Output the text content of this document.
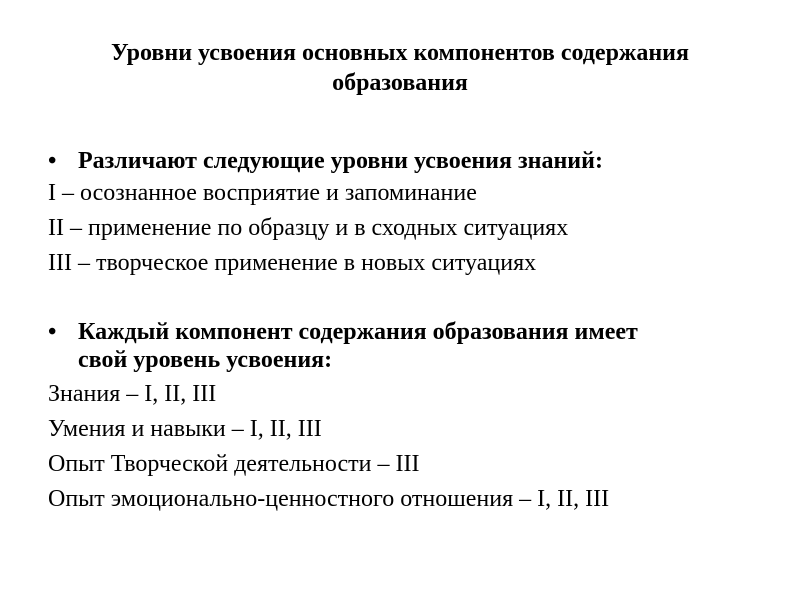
Уровни усвоения основных компонентов содержания
образования
• Различают следующие уровни усвоения знаний:
I – осознанное восприятие и запоминание
II – применение по образцу и в сходных ситуациях
III – творческое применение в новых ситуациях
• Каждый компонент содержания образования имеет
свой уровень усвоения:
Знания – I, II, III
Умения и навыки – I, II, III
Опыт Творческой деятельности – III
Опыт эмоционально-ценностного отношения – I, II, III
